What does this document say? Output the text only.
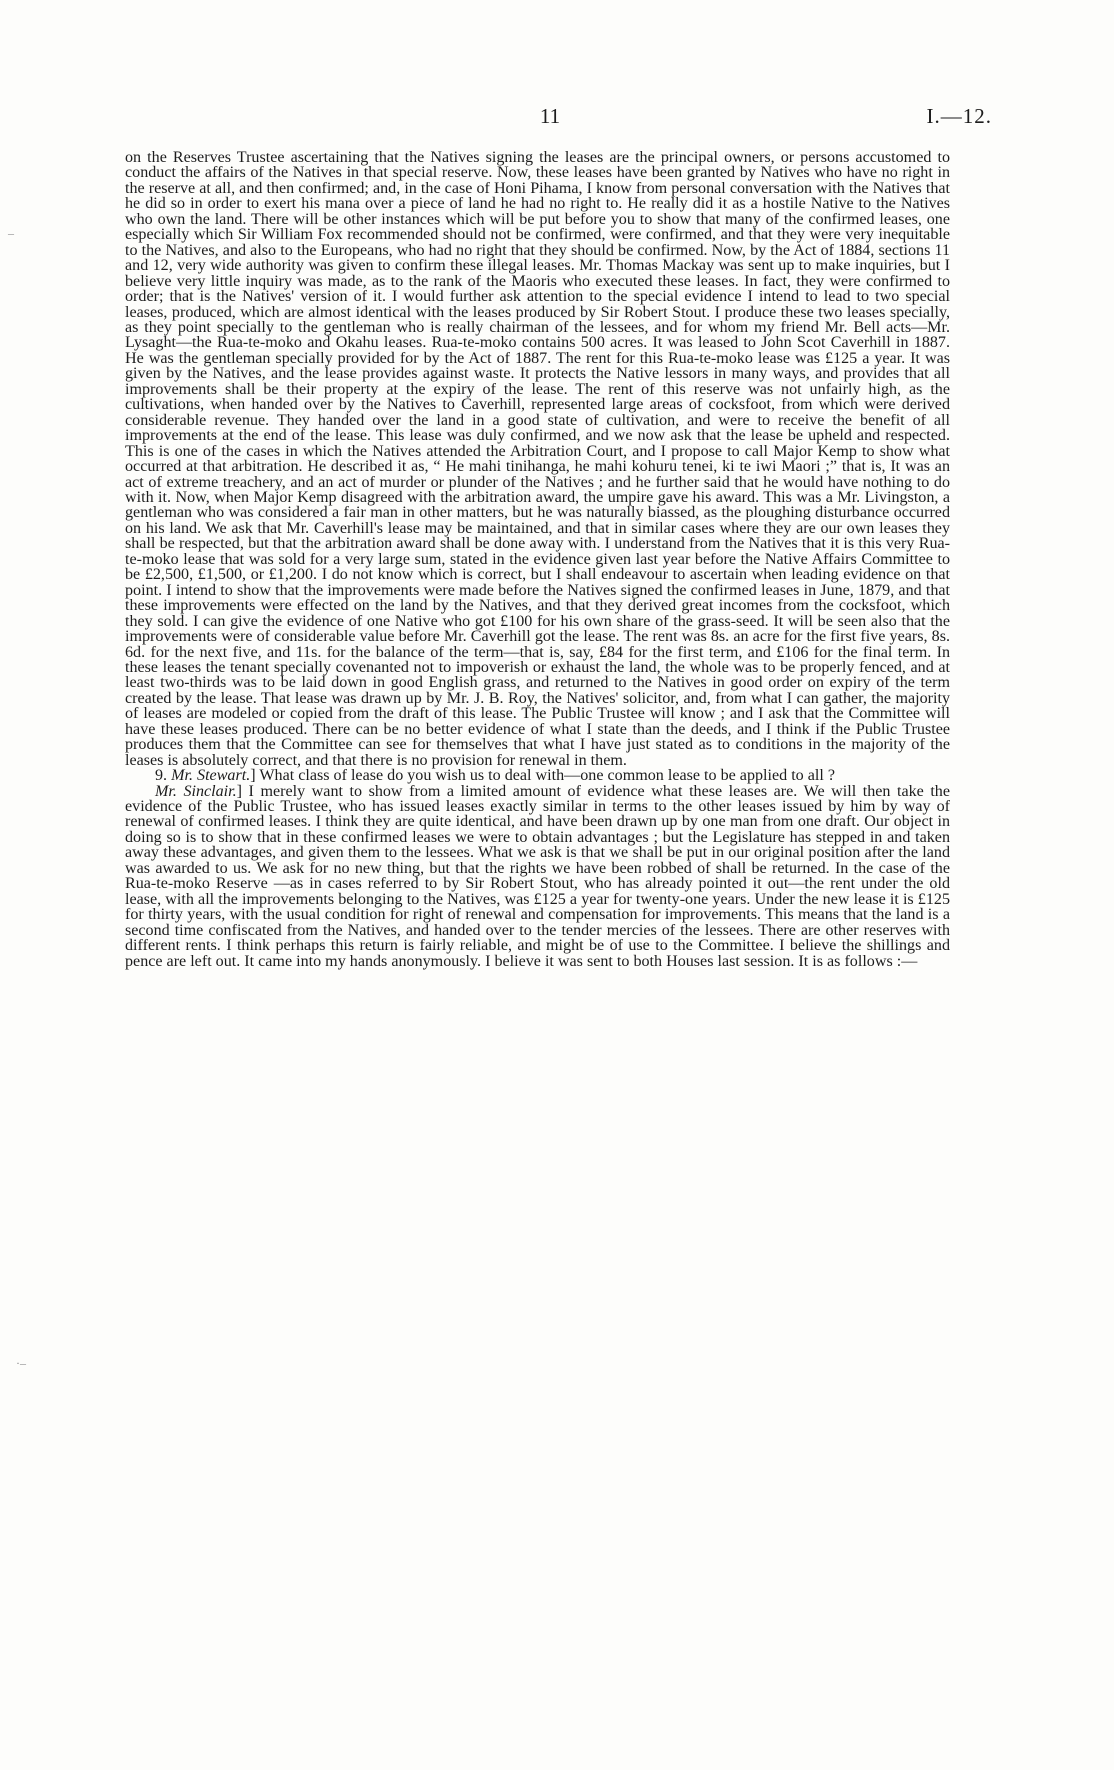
11	I.—12.
–
·–

on the Reserves Trustee ascertaining that the Natives signing the leases are the principal owners, or persons accustomed to conduct the affairs of the Natives in that special reserve. Now, these leases have been granted by Natives who have no right in the reserve at all, and then confirmed; and, in the case of Honi Pihama, I know from personal conversation with the Natives that he did so in order to exert his mana over a piece of land he had no right to. He really did it as a hostile Native to the Natives who own the land. There will be other instances which will be put before you to show that many of the confirmed leases, one especially which Sir William Fox recommended should not be confirmed, were confirmed, and that they were very inequitable to the Natives, and also to the Europeans, who had no right that they should be confirmed. Now, by the Act of 1884, sections 11 and 12, very wide authority was given to confirm these illegal leases. Mr. Thomas Mackay was sent up to make inquiries, but I believe very little inquiry was made, as to the rank of the Maoris who executed these leases. In fact, they were confirmed to order; that is the Natives' version of it. I would further ask attention to the special evidence I intend to lead to two special leases, produced, which are almost identical with the leases produced by Sir Robert Stout. I produce these two leases specially, as they point specially to the gentleman who is really chairman of the lessees, and for whom my friend Mr. Bell acts—Mr. Lysaght—the Rua-te-moko and Okahu leases. Rua-te-moko contains 500 acres. It was leased to John Scot Caverhill in 1887. He was the gentleman specially provided for by the Act of 1887. The rent for this Rua-te-moko lease was £125 a year. It was given by the Natives, and the lease provides against waste. It protects the Native lessors in many ways, and provides that all improvements shall be their property at the expiry of the lease. The rent of this reserve was not unfairly high, as the cultivations, when handed over by the Natives to Caverhill, represented large areas of cocksfoot, from which were derived considerable revenue. They handed over the land in a good state of cultivation, and were to receive the benefit of all improvements at the end of the lease. This lease was duly confirmed, and we now ask that the lease be upheld and respected. This is one of the cases in which the Natives attended the Arbitration Court, and I propose to call Major Kemp to show what occurred at that arbitration. He described it as, “ He mahi tinihanga, he mahi kohuru tenei, ki te iwi Maori ;” that is, It was an act of extreme treachery, and an act of murder or plunder of the Natives ; and he further said that he would have nothing to do with it. Now, when Major Kemp disagreed with the arbitration award, the umpire gave his award. This was a Mr. Livingston, a gentleman who was considered a fair man in other matters, but he was naturally biassed, as the ploughing disturbance occurred on his land. We ask that Mr. Caverhill's lease may be maintained, and that in similar cases where they are our own leases they shall be respected, but that the arbitration award shall be done away with. I understand from the Natives that it is this very Rua-te-moko lease that was sold for a very large sum, stated in the evidence given last year before the Native Affairs Committee to be £2,500, £1,500, or £1,200. I do not know which is correct, but I shall endeavour to ascertain when leading evidence on that point. I intend to show that the improvements were made before the Natives signed the confirmed leases in June, 1879, and that these improvements were effected on the land by the Natives, and that they derived great incomes from the cocksfoot, which they sold. I can give the evidence of one Native who got £100 for his own share of the grass-seed. It will be seen also that the improvements were of considerable value before Mr. Caverhill got the lease. The rent was 8s. an acre for the first five years, 8s. 6d. for the next five, and 11s. for the balance of the term—that is, say, £84 for the first term, and £106 for the final term. In these leases the tenant specially covenanted not to impoverish or exhaust the land, the whole was to be properly fenced, and at least two-thirds was to be laid down in good English grass, and returned to the Natives in good order on expiry of the term created by the lease. That lease was drawn up by Mr. J. B. Roy, the Natives' solicitor, and, from what I can gather, the majority of leases are modeled or copied from the draft of this lease. The Public Trustee will know ; and I ask that the Committee will have these leases produced. There can be no better evidence of what I state than the deeds, and I think if the Public Trustee produces them that the Committee can see for themselves that what I have just stated as to conditions in the majority of the leases is absolutely correct, and that there is no provision for renewal in them.

9. Mr. Stewart.] What class of lease do you wish us to deal with—one common lease to be applied to all ?

Mr. Sinclair.] I merely want to show from a limited amount of evidence what these leases are. We will then take the evidence of the Public Trustee, who has issued leases exactly similar in terms to the other leases issued by him by way of renewal of confirmed leases. I think they are quite identical, and have been drawn up by one man from one draft. Our object in doing so is to show that in these confirmed leases we were to obtain advantages ; but the Legislature has stepped in and taken away these advantages, and given them to the lessees. What we ask is that we shall be put in our original position after the land was awarded to us. We ask for no new thing, but that the rights we have been robbed of shall be returned. In the case of the Rua-te-moko Reserve —as in cases referred to by Sir Robert Stout, who has already pointed it out—the rent under the old lease, with all the improvements belonging to the Natives, was £125 a year for twenty-one years. Under the new lease it is £125 for thirty years, with the usual condition for right of renewal and compensation for improvements. This means that the land is a second time confiscated from the Natives, and handed over to the tender mercies of the lessees. There are other reserves with different rents. I think perhaps this return is fairly reliable, and might be of use to the Committee. I believe the shillings and pence are left out. It came into my hands anonymously. I believe it was sent to both Houses last session. It is as follows :—
